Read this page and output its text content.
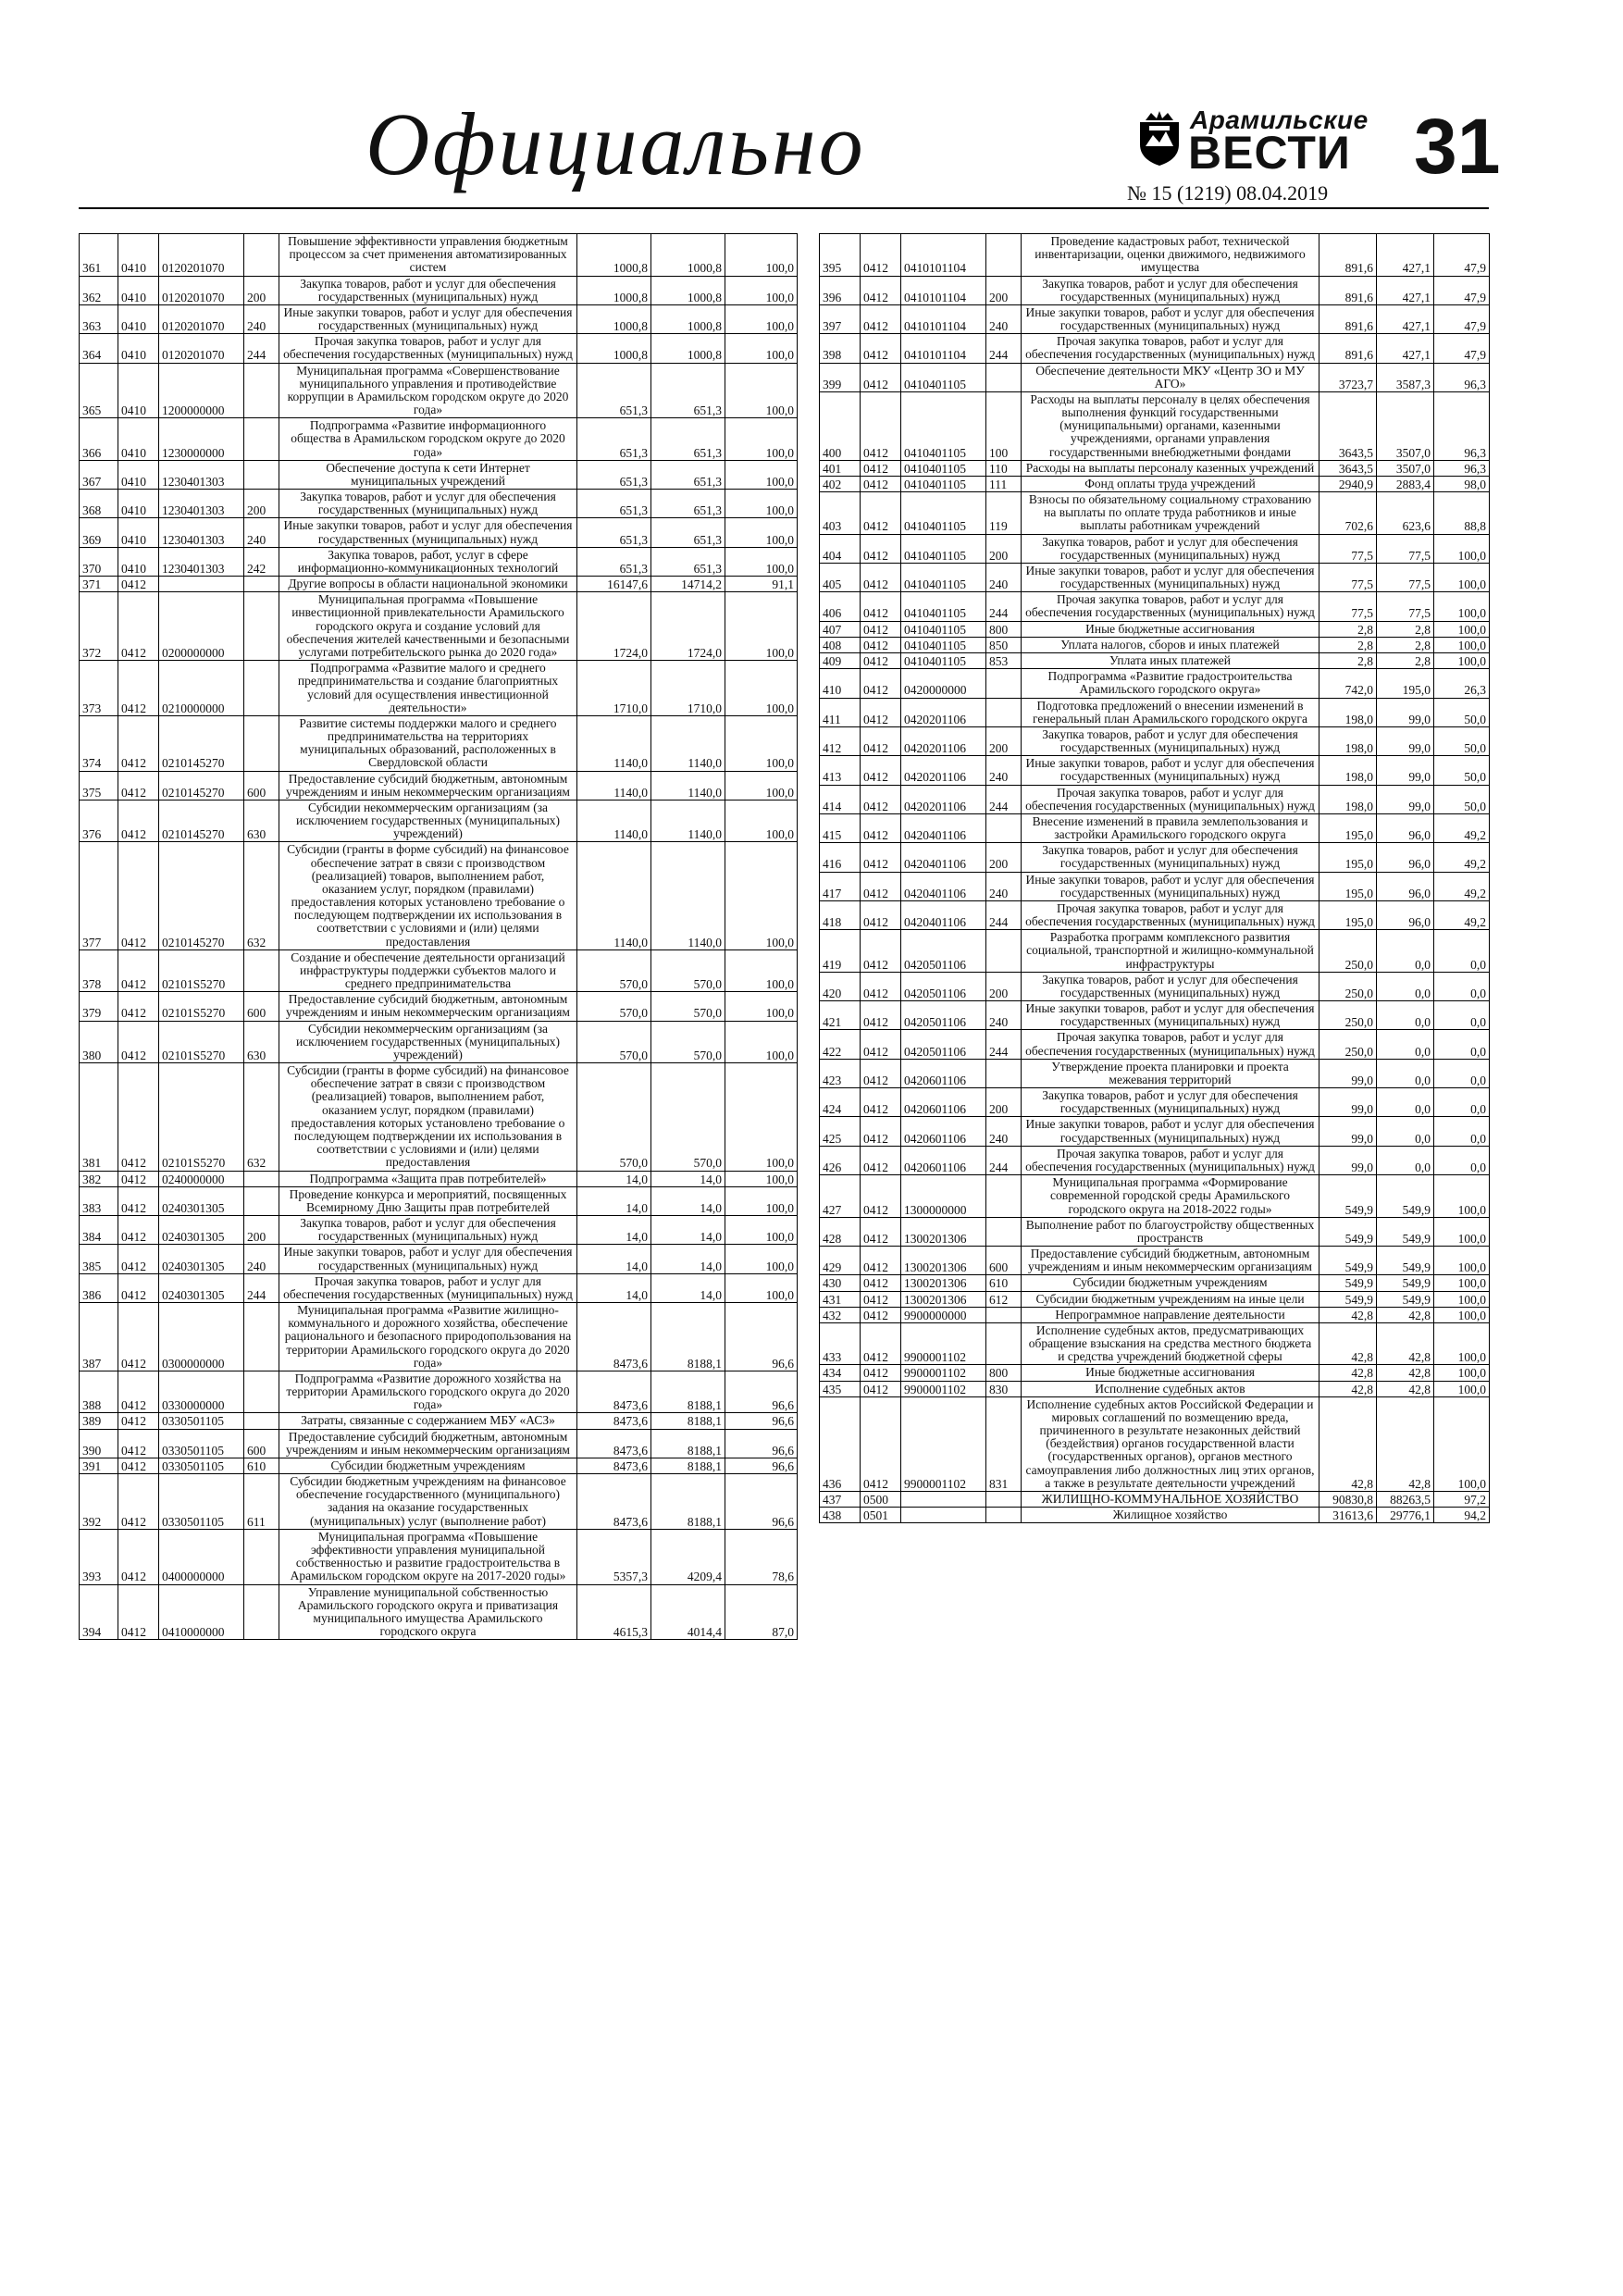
Официально	Арамильские
ВЕСТИ 31
№ 15 (1219) 08.04.2019
361	0410	0120201070		Повышение эффективности управления бюджетным процессом за счет применения автоматизированных систем	1000,8	1000,8	100,0
362	0410	0120201070	200	Закупка товаров, работ и услуг для обеспечения государственных (муниципальных) нужд	1000,8	1000,8	100,0
363	0410	0120201070	240	Иные закупки товаров, работ и услуг для обеспечения государственных (муниципальных) нужд	1000,8	1000,8	100,0
364	0410	0120201070	244	Прочая закупка товаров, работ и услуг для обеспечения государственных (муниципальных) нужд	1000,8	1000,8	100,0
365	0410	1200000000		Муниципальная программа «Совершенствование муниципального управления и противодействие коррупции в Арамильском городском округе до 2020 года»	651,3	651,3	100,0
366	0410	1230000000		Подпрограмма «Развитие информационного общества в Арамильском городском округе до 2020 года»	651,3	651,3	100,0
367	0410	1230401303		Обеспечение доступа к сети Интернет муниципальных учреждений	651,3	651,3	100,0
368	0410	1230401303	200	Закупка товаров, работ и услуг для обеспечения государственных (муниципальных) нужд	651,3	651,3	100,0
369	0410	1230401303	240	Иные закупки товаров, работ и услуг для обеспечения государственных (муниципальных) нужд	651,3	651,3	100,0
370	0410	1230401303	242	Закупка товаров, работ, услуг в сфере информационно-коммуникационных технологий	651,3	651,3	100,0
371	0412			Другие вопросы в области национальной экономики	16147,6	14714,2	91,1
372	0412	0200000000		Муниципальная программа «Повышение инвестиционной привлекательности Арамильского городского округа и создание условий для обеспечения жителей качественными и безопасными услугами потребительского рынка до 2020 года»	1724,0	1724,0	100,0
373	0412	0210000000		Подпрограмма «Развитие малого и среднего предпринимательства и создание благоприятных условий для осуществления инвестиционной деятельности»	1710,0	1710,0	100,0
374	0412	0210145270		Развитие системы поддержки малого и среднего предпринимательства на территориях муниципальных образований, расположенных в Свердловской области	1140,0	1140,0	100,0
375	0412	0210145270	600	Предоставление субсидий бюджетным, автономным учреждениям и иным некоммерческим организациям	1140,0	1140,0	100,0
376	0412	0210145270	630	Субсидии некоммерческим организациям (за исключением государственных (муниципальных) учреждений)	1140,0	1140,0	100,0
377	0412	0210145270	632	Субсидии (гранты в форме субсидий) на финансовое обеспечение затрат в связи с производством (реализацией) товаров, выполнением работ, оказанием услуг, порядком (правилами) предоставления которых установлено требование о последующем подтверждении их использования в соответствии с условиями и (или) целями предоставления	1140,0	1140,0	100,0
378	0412	02101S5270		Создание и обеспечение деятельности организаций инфраструктуры поддержки субъектов малого и среднего предпринимательства	570,0	570,0	100,0
379	0412	02101S5270	600	Предоставление субсидий бюджетным, автономным учреждениям и иным некоммерческим организациям	570,0	570,0	100,0
380	0412	02101S5270	630	Субсидии некоммерческим организациям (за исключением государственных (муниципальных) учреждений)	570,0	570,0	100,0
381	0412	02101S5270	632	Субсидии (гранты в форме субсидий) на финансовое обеспечение затрат в связи с производством (реализацией) товаров, выполнением работ, оказанием услуг, порядком (правилами) предоставления которых установлено требование о последующем подтверждении их использования в соответствии с условиями и (или) целями предоставления	570,0	570,0	100,0
382	0412	0240000000		Подпрограмма «Защита прав потребителей»	14,0	14,0	100,0
383	0412	0240301305		Проведение конкурса и мероприятий, посвященных Всемирному Дню Защиты прав потребителей	14,0	14,0	100,0
384	0412	0240301305	200	Закупка товаров, работ и услуг для обеспечения государственных (муниципальных) нужд	14,0	14,0	100,0
385	0412	0240301305	240	Иные закупки товаров, работ и услуг для обеспечения государственных (муниципальных) нужд	14,0	14,0	100,0
386	0412	0240301305	244	Прочая закупка товаров, работ и услуг для обеспечения государственных (муниципальных) нужд	14,0	14,0	100,0
387	0412	0300000000		Муниципальная программа «Развитие жилищно-коммунального и дорожного хозяйства, обеспечение рационального и безопасного природопользования на территории Арамильского городского округа до 2020 года»	8473,6	8188,1	96,6
388	0412	0330000000		Подпрограмма «Развитие дорожного хозяйства на территории Арамильского городского округа до 2020 года»	8473,6	8188,1	96,6
389	0412	0330501105		Затраты, связанные с содержанием МБУ «АСЗ»	8473,6	8188,1	96,6
390	0412	0330501105	600	Предоставление субсидий бюджетным, автономным учреждениям и иным некоммерческим организациям	8473,6	8188,1	96,6
391	0412	0330501105	610	Субсидии бюджетным учреждениям	8473,6	8188,1	96,6
392	0412	0330501105	611	Субсидии бюджетным учреждениям на финансовое обеспечение государственного (муниципального) задания на оказание государственных (муниципальных) услуг (выполнение работ)	8473,6	8188,1	96,6
393	0412	0400000000		Муниципальная программа «Повышение эффективности управления муниципальной собственностью и развитие градостроительства в Арамильском городском округе на 2017-2020 годы»	5357,3	4209,4	78,6
394	0412	0410000000		Управление муниципальной собственностью Арамильского городского округа и приватизация муниципального имущества Арамильского городского округа	4615,3	4014,4	87,0
395	0412	0410101104		Проведение кадастровых работ, технической инвентаризации, оценки движимого, недвижимого имущества	891,6	427,1	47,9
396	0412	0410101104	200	Закупка товаров, работ и услуг для обеспечения государственных (муниципальных) нужд	891,6	427,1	47,9
397	0412	0410101104	240	Иные закупки товаров, работ и услуг для обеспечения государственных (муниципальных) нужд	891,6	427,1	47,9
398	0412	0410101104	244	Прочая закупка товаров, работ и услуг для обеспечения государственных (муниципальных) нужд	891,6	427,1	47,9
399	0412	0410401105		Обеспечение деятельности МКУ «Центр ЗО и МУ АГО»	3723,7	3587,3	96,3
400	0412	0410401105	100	Расходы на выплаты персоналу в целях обеспечения выполнения функций государственными (муниципальными) органами, казенными учреждениями, органами управления государственными внебюджетными фондами	3643,5	3507,0	96,3
401	0412	0410401105	110	Расходы на выплаты персоналу казенных учреждений	3643,5	3507,0	96,3
402	0412	0410401105	111	Фонд оплаты труда учреждений	2940,9	2883,4	98,0
403	0412	0410401105	119	Взносы по обязательному социальному страхованию на выплаты по оплате труда работников и иные выплаты работникам учреждений	702,6	623,6	88,8
404	0412	0410401105	200	Закупка товаров, работ и услуг для обеспечения государственных (муниципальных) нужд	77,5	77,5	100,0
405	0412	0410401105	240	Иные закупки товаров, работ и услуг для обеспечения государственных (муниципальных) нужд	77,5	77,5	100,0
406	0412	0410401105	244	Прочая закупка товаров, работ и услуг для обеспечения государственных (муниципальных) нужд	77,5	77,5	100,0
407	0412	0410401105	800	Иные бюджетные ассигнования	2,8	2,8	100,0
408	0412	0410401105	850	Уплата налогов, сборов и иных платежей	2,8	2,8	100,0
409	0412	0410401105	853	Уплата иных платежей	2,8	2,8	100,0
410	0412	0420000000		Подпрограмма «Развитие градостроительства Арамильского городского округа»	742,0	195,0	26,3
411	0412	0420201106		Подготовка предложений о внесении изменений в генеральный план Арамильского городского округа	198,0	99,0	50,0
412	0412	0420201106	200	Закупка товаров, работ и услуг для обеспечения государственных (муниципальных) нужд	198,0	99,0	50,0
413	0412	0420201106	240	Иные закупки товаров, работ и услуг для обеспечения государственных (муниципальных) нужд	198,0	99,0	50,0
414	0412	0420201106	244	Прочая закупка товаров, работ и услуг для обеспечения государственных (муниципальных) нужд	198,0	99,0	50,0
415	0412	0420401106		Внесение изменений в правила землепользования и застройки Арамильского городского округа	195,0	96,0	49,2
416	0412	0420401106	200	Закупка товаров, работ и услуг для обеспечения государственных (муниципальных) нужд	195,0	96,0	49,2
417	0412	0420401106	240	Иные закупки товаров, работ и услуг для обеспечения государственных (муниципальных) нужд	195,0	96,0	49,2
418	0412	0420401106	244	Прочая закупка товаров, работ и услуг для обеспечения государственных (муниципальных) нужд	195,0	96,0	49,2
419	0412	0420501106		Разработка программ комплексного развития социальной, транспортной и жилищно-коммунальной инфраструктуры	250,0	0,0	0,0
420	0412	0420501106	200	Закупка товаров, работ и услуг для обеспечения государственных (муниципальных) нужд	250,0	0,0	0,0
421	0412	0420501106	240	Иные закупки товаров, работ и услуг для обеспечения государственных (муниципальных) нужд	250,0	0,0	0,0
422	0412	0420501106	244	Прочая закупка товаров, работ и услуг для обеспечения государственных (муниципальных) нужд	250,0	0,0	0,0
423	0412	0420601106		Утверждение проекта планировки и проекта межевания территорий	99,0	0,0	0,0
424	0412	0420601106	200	Закупка товаров, работ и услуг для обеспечения государственных (муниципальных) нужд	99,0	0,0	0,0
425	0412	0420601106	240	Иные закупки товаров, работ и услуг для обеспечения государственных (муниципальных) нужд	99,0	0,0	0,0
426	0412	0420601106	244	Прочая закупка товаров, работ и услуг для обеспечения государственных (муниципальных) нужд	99,0	0,0	0,0
427	0412	1300000000		Муниципальная программа «Формирование современной городской среды Арамильского городского округа на 2018-2022 годы»	549,9	549,9	100,0
428	0412	1300201306		Выполнение работ по благоустройству общественных пространств	549,9	549,9	100,0
429	0412	1300201306	600	Предоставление субсидий бюджетным, автономным учреждениям и иным некоммерческим организациям	549,9	549,9	100,0
430	0412	1300201306	610	Субсидии бюджетным учреждениям	549,9	549,9	100,0
431	0412	1300201306	612	Субсидии бюджетным учреждениям на иные цели	549,9	549,9	100,0
432	0412	9900000000		Непрограммное направление деятельности	42,8	42,8	100,0
433	0412	9900001102		Исполнение судебных актов, предусматривающих обращение взыскания на средства местного бюджета и средства учреждений бюджетной сферы	42,8	42,8	100,0
434	0412	9900001102	800	Иные бюджетные ассигнования	42,8	42,8	100,0
435	0412	9900001102	830	Исполнение судебных актов	42,8	42,8	100,0
436	0412	9900001102	831	Исполнение судебных актов Российской Федерации и мировых соглашений по возмещению вреда, причиненного в результате незаконных действий (бездействия) органов государственной власти (государственных органов), органов местного самоуправления либо должностных лиц этих органов, а также в результате деятельности учреждений	42,8	42,8	100,0
437	0500			ЖИЛИЩНО-КОММУНАЛЬНОЕ ХОЗЯЙСТВО	90830,8	88263,5	97,2
438	0501			Жилищное хозяйство	31613,6	29776,1	94,2
